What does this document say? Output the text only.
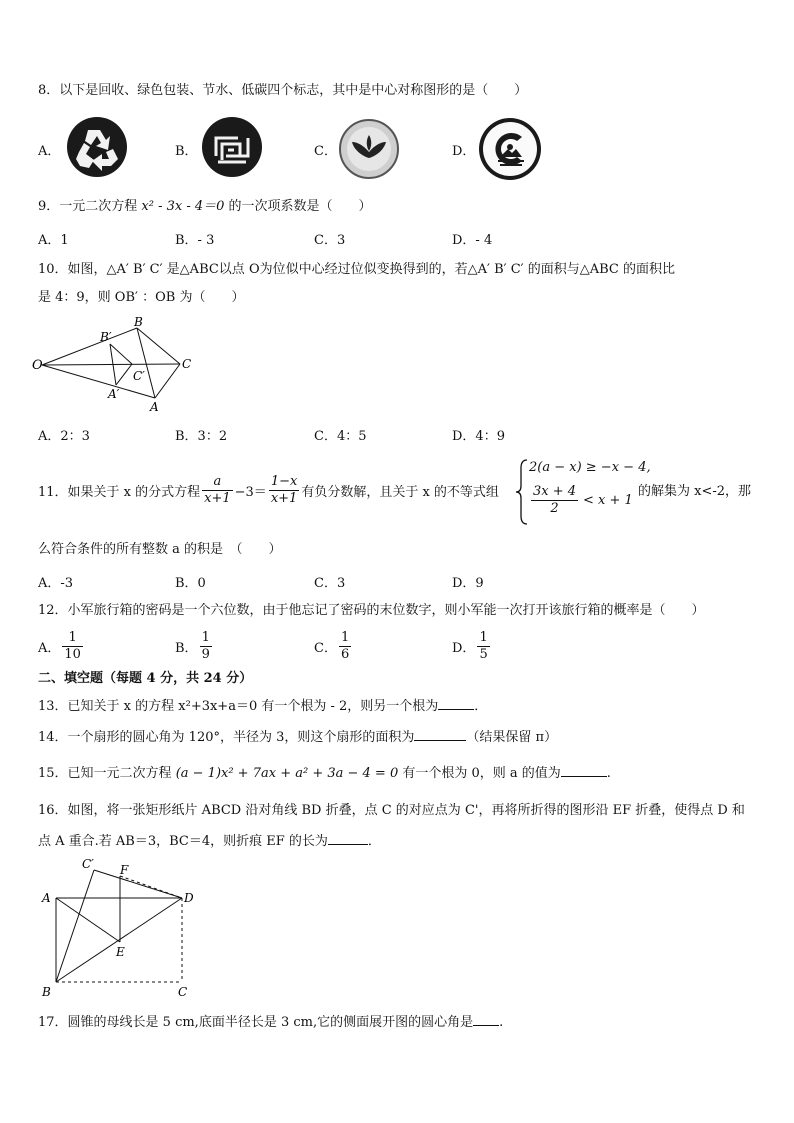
8．以下是回收、绿色包装、节水、低碳四个标志，其中是中心对称图形的是（　　）
A．	B．	C．	D．
9．一元二次方程 x² - 3x - 4＝0 的一次项系数是（　　）
A．1	B．- 3	C．3	D．- 4
10．如图，△A′ B′ C′ 是△ABC以点 O为位似中心经过位似变换得到的，若△A′ B′ C′ 的面积与△ABC 的面积比
是 4：9，则 OB′ ：OB 为（　　）
O
B′
B
C
C′
A′
A
A．2：3	B．3：2	C．4：5	D．4：9
11．如果关于 x 的分式方程 $\frac{a}{x+1} -3= \frac{1-x}{x+1}$ 有负分数解，且关于 x 的不等式组
2(a − x) ≥ −x − 4,
$\frac{3x + 4}{2} < x + 1$
的解集为 x<-2，那
么符合条件的所有整数 a 的积是　（　　）
A．-3	B．0	C．3	D．9
12．小军旅行箱的密码是一个六位数，由于他忘记了密码的末位数字，则小军能一次打开该旅行箱的概率是（　　）
A． $\frac{1}{10}$	B． $\frac{1}{9}$	C． $\frac{1}{6}$	D． $\frac{1}{5}$
二、填空题（每题 4 分，共 24 分）
13．已知关于 x 的方程 x²+3x+a＝0 有一个根为 - 2，则另一个根为	．
14．一个扇形的圆心角为 120°，半径为 3，则这个扇形的面积为	（结果保留 π）
15．已知一元二次方程 (a − 1)x² + 7ax + a² + 3a − 4 = 0 有一个根为 0，则 a 的值为	.
16．如图，将一张矩形纸片 ABCD 沿对角线 BD 折叠，点 C 的对应点为 C'，再将所折得的图形沿 EF 折叠，使得点 D 和
点 A 重合.若 AB＝3，BC＝4，则折痕 EF 的长为	．
C′ F
A	D
E
B	C
17．圆锥的母线长是 5 cm,底面半径长是 3 cm,它的侧面展开图的圆心角是 .
